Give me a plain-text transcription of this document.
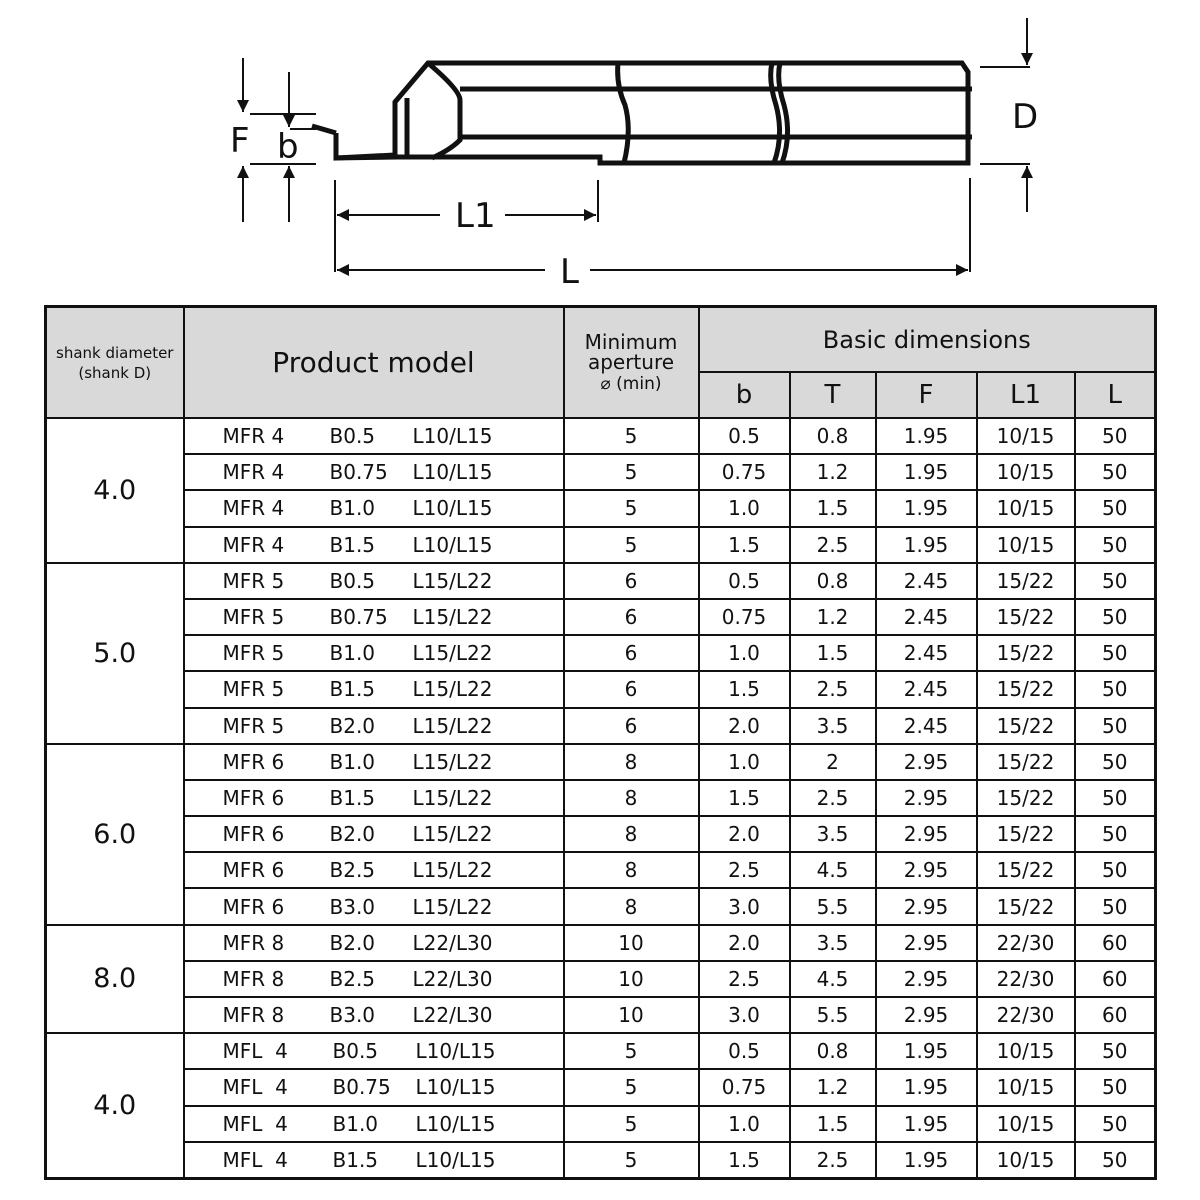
F b
D
L1
L
shank diameter
(shank D)	Product model	Minimum
aperture
⌀ (min)	Basic dimensions				
			b	T	F	L1	L
4.0	MFR 4 B0.5 L10/L15	5	0.5	0.8	1.95	10/15	50

	MFR 4 B0.75 L10/L15	5	0.75	1.2	1.95	10/15	50

	MFR 4 B1.0 L10/L15	5	1.0	1.5	1.95	10/15	50

	MFR 4 B1.5 L10/L15	5	1.5	2.5	1.95	10/15	50
5.0	MFR 5 B0.5 L15/L22	6	0.5	0.8	2.45	15/22	50

	MFR 5 B0.75 L15/L22	6	0.75	1.2	2.45	15/22	50

	MFR 5 B1.0 L15/L22	6	1.0	1.5	2.45	15/22	50

	MFR 5 B1.5 L15/L22	6	1.5	2.5	2.45	15/22	50

	MFR 5 B2.0 L15/L22	6	2.0	3.5	2.45	15/22	50
6.0	MFR 6 B1.0 L15/L22	8	1.0	2	2.95	15/22	50

	MFR 6 B1.5 L15/L22	8	1.5	2.5	2.95	15/22	50

	MFR 6 B2.0 L15/L22	8	2.0	3.5	2.95	15/22	50

	MFR 6 B2.5 L15/L22	8	2.5	4.5	2.95	15/22	50

	MFR 6 B3.0 L15/L22	8	3.0	5.5	2.95	15/22	50
8.0	MFR 8 B2.0 L22/L30	10	2.0	3.5	2.95	22/30	60

	MFR 8 B2.5 L22/L30	10	2.5	4.5	2.95	22/30	60

	MFR 8 B3.0 L22/L30	10	3.0	5.5	2.95	22/30	60
4.0	MFL  4 B0.5 L10/L15	5	0.5	0.8	1.95	10/15	50

	MFL  4 B0.75 L10/L15	5	0.75	1.2	1.95	10/15	50

	MFL  4 B1.0 L10/L15	5	1.0	1.5	1.95	10/15	50

	MFL  4 B1.5 L10/L15	5	1.5	2.5	1.95	10/15	50
